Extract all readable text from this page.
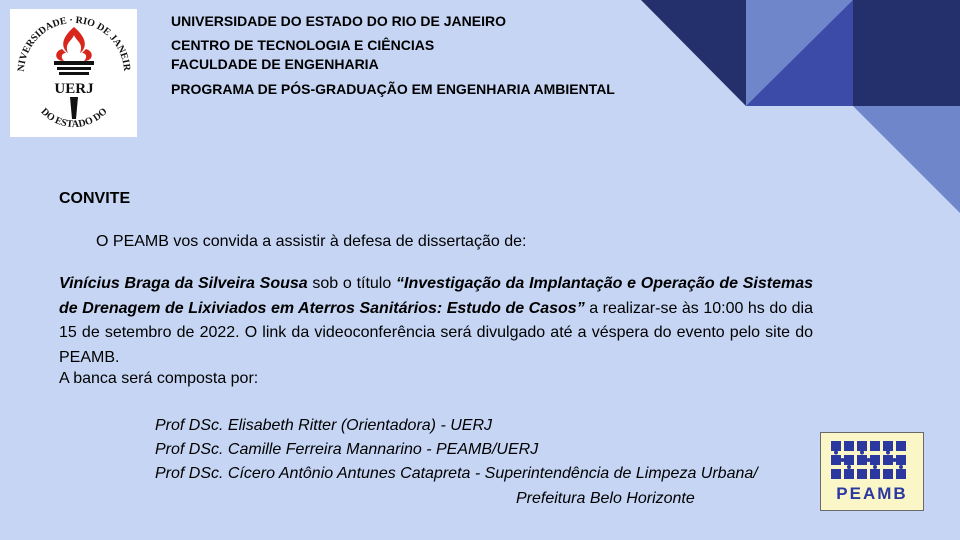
NIVERSIDADE · RIO DE JANEIR
DO ESTADO DO
UERJ
UNIVERSIDADE DO ESTADO DO RIO DE JANEIRO
CENTRO DE TECNOLOGIA E CIÊNCIAS
FACULDADE DE ENGENHARIA
PROGRAMA DE PÓS-GRADUAÇÃO EM ENGENHARIA AMBIENTAL
CONVITE
O PEAMB vos convida a assistir à defesa de dissertação de:
Vinícius Braga da Silveira Sousa sob o título “Investigação da Implantação e Operação de Sistemas de Drenagem de Lixiviados em Aterros Sanitários: Estudo de Casos” a realizar-se às 10:00 hs do dia 15 de setembro de 2022. O link da videoconferência será divulgado até a véspera do evento pelo site do PEAMB.
A banca será composta por:
Prof DSc. Elisabeth Ritter (Orientadora) - UERJ
Prof DSc. Camille Ferreira Mannarino - PEAMB/UERJ
Prof DSc. Cícero Antônio Antunes Catapreta - Superintendência de Limpeza Urbana/
Prefeitura Belo Horizonte	PEAMB
